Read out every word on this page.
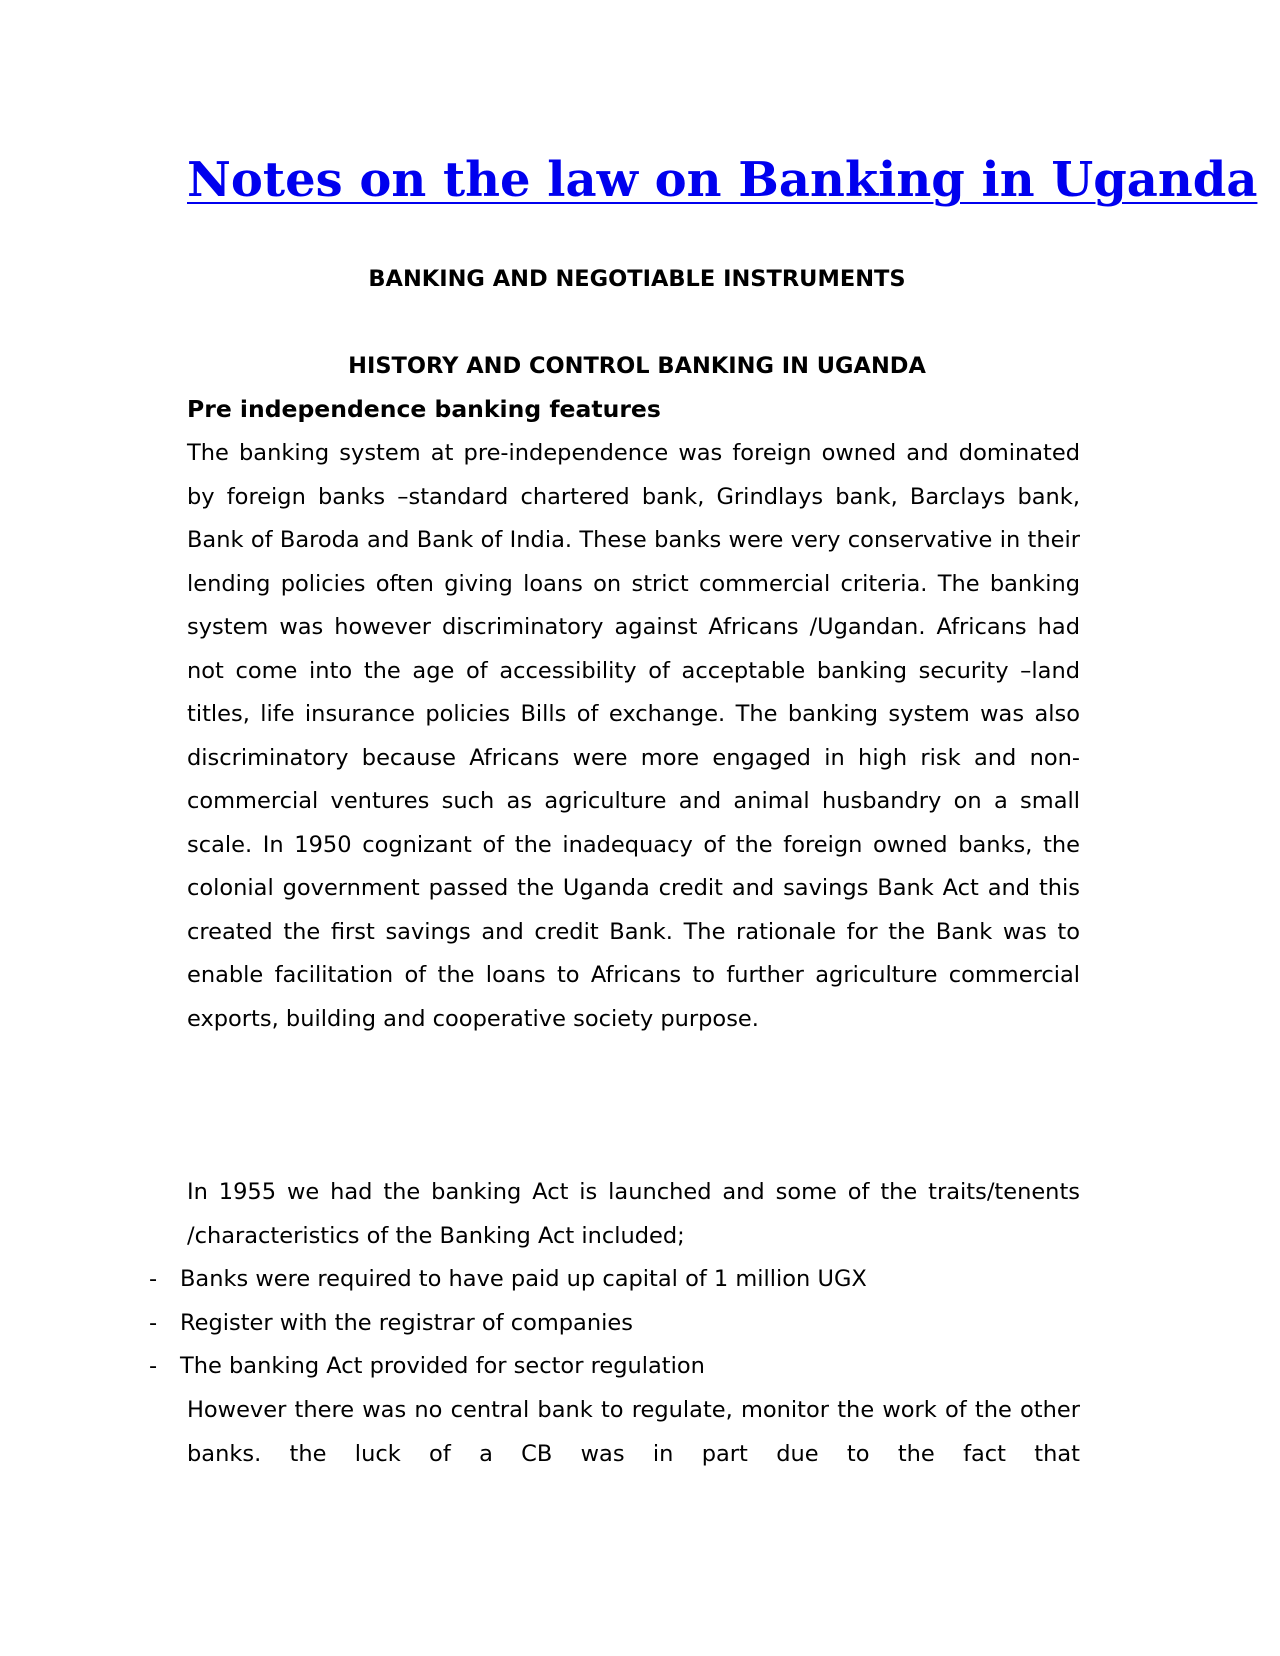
Notes on the law on Banking in Uganda
BANKING AND NEGOTIABLE INSTRUMENTS
HISTORY AND CONTROL BANKING IN UGANDA
Pre independence banking features

The banking system at pre-independence was foreign owned and dominated by foreign banks –standard chartered bank, Grindlays bank, Barclays bank, Bank of Baroda and Bank of India. These banks were very conservative in their lending policies often giving loans on strict commercial criteria. The banking system was however discriminatory against Africans /Ugandan. Africans had not come into the age of accessibility of acceptable banking security –land titles, life insurance policies Bills of exchange. The banking system was also discriminatory because Africans were more engaged in high risk and non-commercial ventures such as agriculture and animal husbandry on a small scale. In 1950 cognizant of the inadequacy of the foreign owned banks, the colonial government passed the Uganda credit and savings Bank Act and this created the first savings and credit Bank. The rationale for the Bank was to enable facilitation of the loans to Africans to further agriculture commercial exports, building and cooperative society purpose.

In 1955 we had the banking Act is launched and some of the traits/tenents /characteristics of the Banking Act included;

-	Banks were required to have paid up capital of 1 million UGX
-	Register with the registrar of companies
-	The banking Act provided for sector regulation

However there was no central bank to regulate, monitor the work of the other banks. the luck of a CB was in part due to the fact that
